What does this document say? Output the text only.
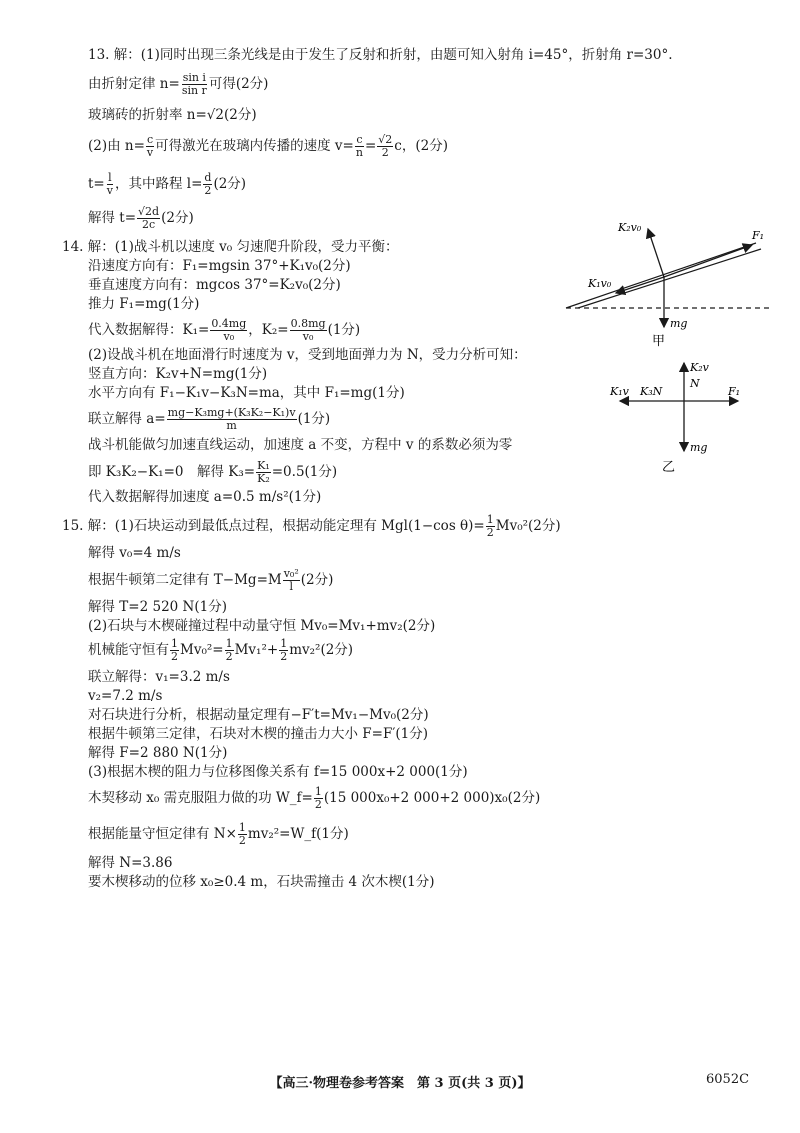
13. 解：(1)同时出现三条光线是由于发生了反射和折射，由题可知入射角 i=45°，折射角 r=30°.
由折射定律 $n= \frac{\text{sin i}}{\text{sin r}}$ 可得(2分)
玻璃砖的折射率 n=√2(2分)
(2)由 $n= \frac{c}{v}$ 可得激光在玻璃内传播的速度 $v= \frac{c}{n} = \frac{√2}{2}$ c，(2分)
$t= \frac{l}{v}$ ，其中路程 $l= \frac{d}{2} (2$分)
解得 $t= \frac{√2d}{2c} (2$分)
14. 解：(1)战斗机以速度 v₀ 匀速爬升阶段，受力平衡：
沿速度方向有：F₁=mgsin 37°+K₁v₀(2分)
垂直速度方向有：mgcos 37°=K₂v₀(2分)
推力 F₁=mg(1分)
代入数据解得：$K_1= \frac{0.4mg}{\text{v₀}}$ ，$K_2= \frac{0.8mg}{\text{v₀}} (1$分)
(2)设战斗机在地面滑行时速度为 v，受到地面弹力为 N，受力分析可知：
竖直方向：K₂v+N=mg(1分)
水平方向有 F₁−K₁v−K₃N=ma，其中 F₁=mg(1分)
联立解得 $a= \frac{\text{mg−K₃mg+(K₃K₂−K₁)v}}{m} (1$分)
战斗机能做匀加速直线运动，加速度 a 不变，方程中 v 的系数必须为零
即 K₃K₂−K₁=0　解得 $K_3= \frac{\text{K₁}}{\text{K₂}} =0.5(1$分)
代入数据解得加速度 a=0.5 m/s²(1分)
15. 解：(1)石块运动到最低点过程，根据动能定理有 Mgl(1−cos $\theta)= \frac{1}{2} Mv_0^2(2$分)
解得 v₀=4 m/s
根据牛顿第二定律有 $T-Mg=M \frac{\text{v₀²}}{l} (2$分)
解得 T=2 520 N(1分)
(2)石块与木楔碰撞过程中动量守恒 Mv₀=Mv₁+mv₂(2分)
机械能守恒有 $\frac{1}{2} Mv_0^2= \frac{1}{2} Mv_1^2+ \frac{1}{2} mv_2^2(2$分)
联立解得：v₁=3.2 m/s
v₂=7.2 m/s
对石块进行分析，根据动量定理有−F′t=Mv₁−Mv₀(2分)
根据牛顿第三定律，石块对木楔的撞击力大小 F=F′(1分)
解得 F=2 880 N(1分)
(3)根据木楔的阻力与位移图像关系有 f=15 000x+2 000(1分)
木契移动 x₀ 需克服阻力做的功 W_f= $\frac{1}{2} (15$ 000x₀+2 000+2 000)x₀(2分)
根据能量守恒定律有 $N\times \frac{1}{2}$ mv₂²=W_f(1分)
解得 N=3.86
要木楔移动的位移 x₀≥0.4 m，石块需撞击 4 次木楔(1分)
K₂v₀
F₁
K₁v₀
mg
甲
K₂v
N
K₁v K₃N	F₁
mg
乙
【高三·物理卷参考答案　第 3 页(共 3 页)】	6052C
